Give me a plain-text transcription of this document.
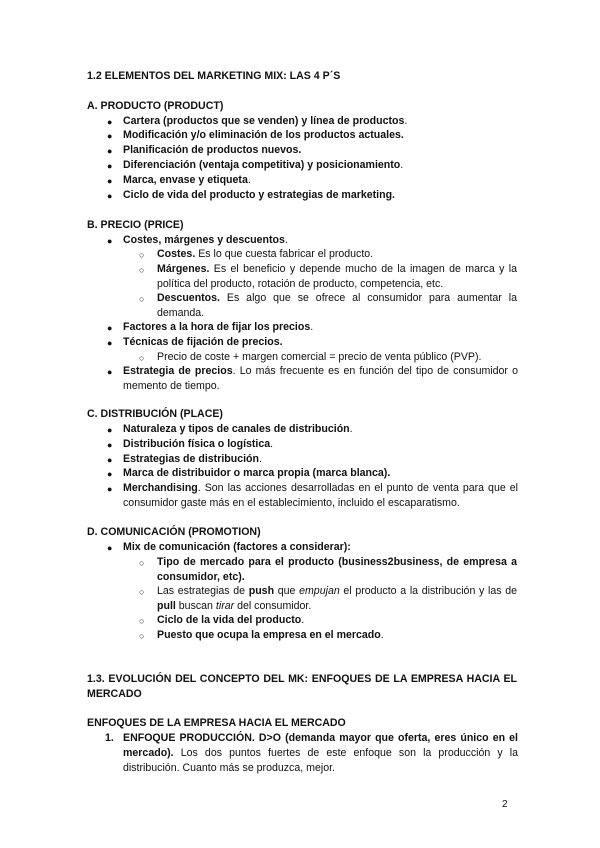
1.2 ELEMENTOS DEL MARKETING MIX: LAS 4 P´S
A. PRODUCTO (PRODUCT)
● Cartera (productos que se venden) y línea de productos.
● Modificación y/o eliminación de los productos actuales.
● Planificación de productos nuevos.
● Diferenciación (ventaja competitiva) y posicionamiento.
● Marca, envase y etiqueta.
● Ciclo de vida del producto y estrategias de marketing.
B. PRECIO (PRICE)
● Costes, márgenes y descuentos.
○ Costes. Es lo que cuesta fabricar el producto.
○ Márgenes. Es el beneficio y depende mucho de la imagen de marca y la política del producto, rotación de producto, competencia, etc.
○ Descuentos. Es algo que se ofrece al consumidor para aumentar la demanda.
● Factores a la hora de fijar los precios.
● Técnicas de fijación de precios.
○ Precio de coste + margen comercial = precio de venta público (PVP).
● Estrategia de precios. Lo más frecuente es en función del tipo de consumidor o memento de tiempo.
C. DISTRIBUCIÓN (PLACE)
● Naturaleza y tipos de canales de distribución.
● Distribución física o logística.
● Estrategias de distribución.
● Marca de distribuidor o marca propia (marca blanca).
● Merchandising. Son las acciones desarrolladas en el punto de venta para que el consumidor gaste más en el establecimiento, incluido el escaparatismo.
D. COMUNICACIÓN (PROMOTION)
● Mix de comunicación (factores a considerar):
○ Tipo de mercado para el producto (business2business, de empresa a consumidor, etc).
○ Las estrategias de push que empujan el producto a la distribución y las de pull buscan tirar del consumidor.
○ Ciclo de la vida del producto.
○ Puesto que ocupa la empresa en el mercado.
1.3. EVOLUCIÓN DEL CONCEPTO DEL MK: ENFOQUES DE LA EMPRESA HACIA EL MERCADO
ENFOQUES DE LA EMPRESA HACIA EL MERCADO
1. ENFOQUE PRODUCCIÓN. D>O (demanda mayor que oferta, eres único en el mercado). Los dos puntos fuertes de este enfoque son la producción y la distribución. Cuanto más se produzca, mejor.
2
